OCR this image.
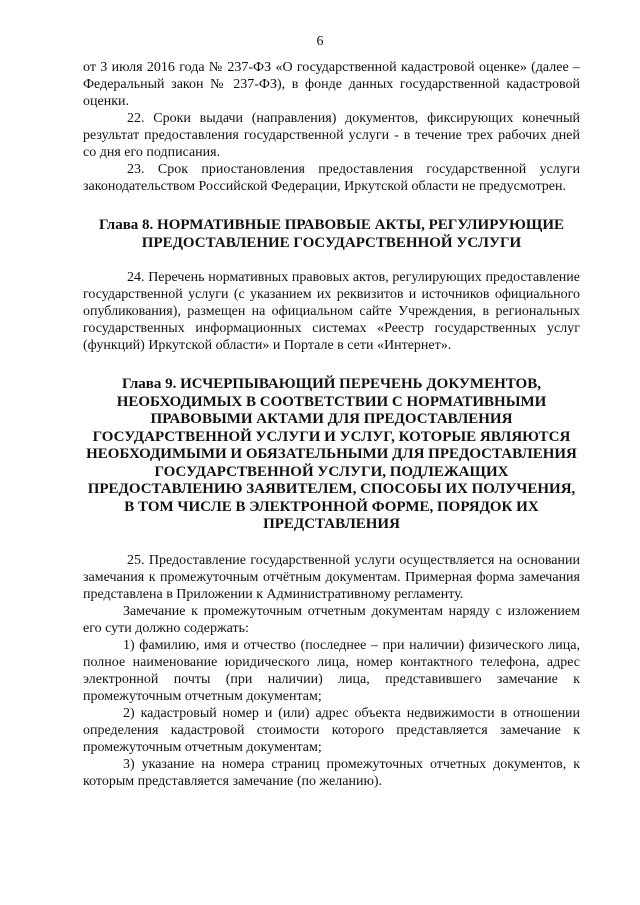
6

от 3 июля 2016 года № 237-ФЗ «О государственной кадастровой оценке» (далее – Федеральный закон № 237-ФЗ), в фонде данных государственной кадастровой оценки.

22. Сроки выдачи (направления) документов, фиксирующих конечный результат предоставления государственной услуги - в течение трех рабочих дней со дня его подписания.

23. Срок приостановления предоставления государственной услуги законодательством Российской Федерации, Иркутской области не предусмотрен.

Глава 8. НОРМАТИВНЫЕ ПРАВОВЫЕ АКТЫ, РЕГУЛИРУЮЩИЕ ПРЕДОСТАВЛЕНИЕ ГОСУДАРСТВЕННОЙ УСЛУГИ

24. Перечень нормативных правовых актов, регулирующих предоставление государственной услуги (с указанием их реквизитов и источников официального опубликования), размещен на официальном сайте Учреждения, в региональных государственных информационных системах «Реестр государственных услуг (функций) Иркутской области» и Портале в сети «Интернет».

Глава 9. ИСЧЕРПЫВАЮЩИЙ ПЕРЕЧЕНЬ ДОКУМЕНТОВ, НЕОБХОДИМЫХ В СООТВЕТСТВИИ С НОРМАТИВНЫМИ ПРАВОВЫМИ АКТАМИ ДЛЯ ПРЕДОСТАВЛЕНИЯ ГОСУДАРСТВЕННОЙ УСЛУГИ И УСЛУГ, КОТОРЫЕ ЯВЛЯЮТСЯ НЕОБХОДИМЫМИ И ОБЯЗАТЕЛЬНЫМИ ДЛЯ ПРЕДОСТАВЛЕНИЯ ГОСУДАРСТВЕННОЙ УСЛУГИ, ПОДЛЕЖАЩИХ ПРЕДОСТАВЛЕНИЮ ЗАЯВИТЕЛЕМ, СПОСОБЫ ИХ ПОЛУЧЕНИЯ, В ТОМ ЧИСЛЕ В ЭЛЕКТРОННОЙ ФОРМЕ, ПОРЯДОК ИХ ПРЕДСТАВЛЕНИЯ

25. Предоставление государственной услуги осуществляется на основании замечания к промежуточным отчётным документам. Примерная форма замечания представлена в Приложении к Административному регламенту.

Замечание к промежуточным отчетным документам наряду с изложением его сути должно содержать:

1) фамилию, имя и отчество (последнее – при наличии) физического лица, полное наименование юридического лица, номер контактного телефона, адрес электронной почты (при наличии) лица, представившего замечание к промежуточным отчетным документам;

2) кадастровый номер и (или) адрес объекта недвижимости в отношении определения кадастровой стоимости которого представляется замечание к промежуточным отчетным документам;

3) указание на номера страниц промежуточных отчетных документов, к которым представляется замечание (по желанию).
